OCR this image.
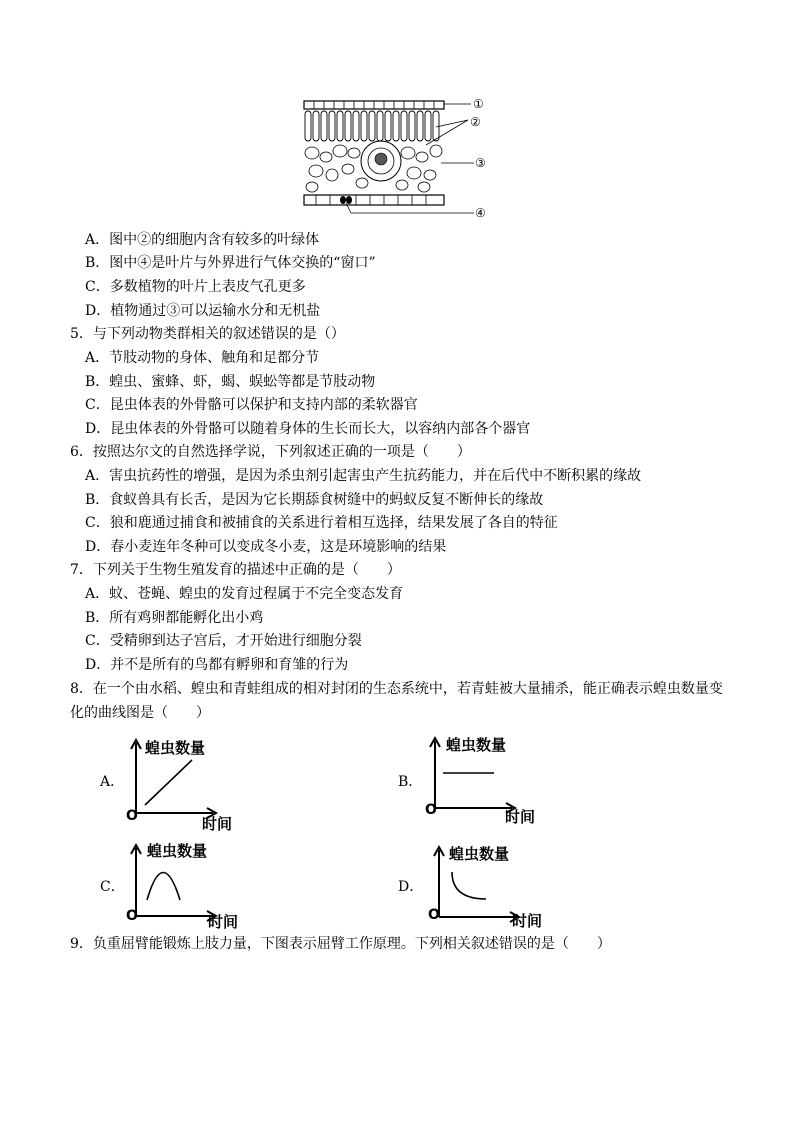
①
②
③
④
A．图中②的细胞内含有较多的叶绿体
B．图中④是叶片与外界进行气体交换的“窗口”
C．多数植物的叶片上表皮气孔更多
D．植物通过③可以运输水分和无机盐
5．与下列动物类群相关的叙述错误的是（）
A．节肢动物的身体、触角和足都分节
B．蝗虫、蜜蜂、虾，蝎、蜈蚣等都是节肢动物
C．昆虫体表的外骨骼可以保护和支持内部的柔软器官
D．昆虫体表的外骨骼可以随着身体的生长而长大，以容纳内部各个器官
6．按照达尔文的自然选择学说，下列叙述正确的一项是（　　）
A．害虫抗药性的增强，是因为杀虫剂引起害虫产生抗药能力，并在后代中不断积累的缘故
B．食蚁兽具有长舌，是因为它长期舔食树缝中的蚂蚁反复不断伸长的缘故
C．狼和鹿通过捕食和被捕食的关系进行着相互选择，结果发展了各自的特征
D．春小麦连年冬种可以变成冬小麦，这是环境影响的结果
7．下列关于生物生殖发育的描述中正确的是（　　）
A．蚊、苍蝇、蝗虫的发育过程属于不完全变态发育
B．所有鸡卵都能孵化出小鸡
C．受精卵到达子宫后，才开始进行细胞分裂
D．并不是所有的鸟都有孵卵和育雏的行为
8．在一个由水稻、蝗虫和青蛙组成的相对封闭的生态系统中，若青蛙被大量捕杀，能正确表示蝗虫数量变
化的曲线图是（　　）
A．
蝗虫数量
O	时间
B．
蝗虫数量
O	时间
C．
蝗虫数量
O	时间
D．
蝗虫数量
O	时间
9．负重屈臂能锻炼上肢力量，下图表示屈臂工作原理。下列相关叙述错误的是（　　）
